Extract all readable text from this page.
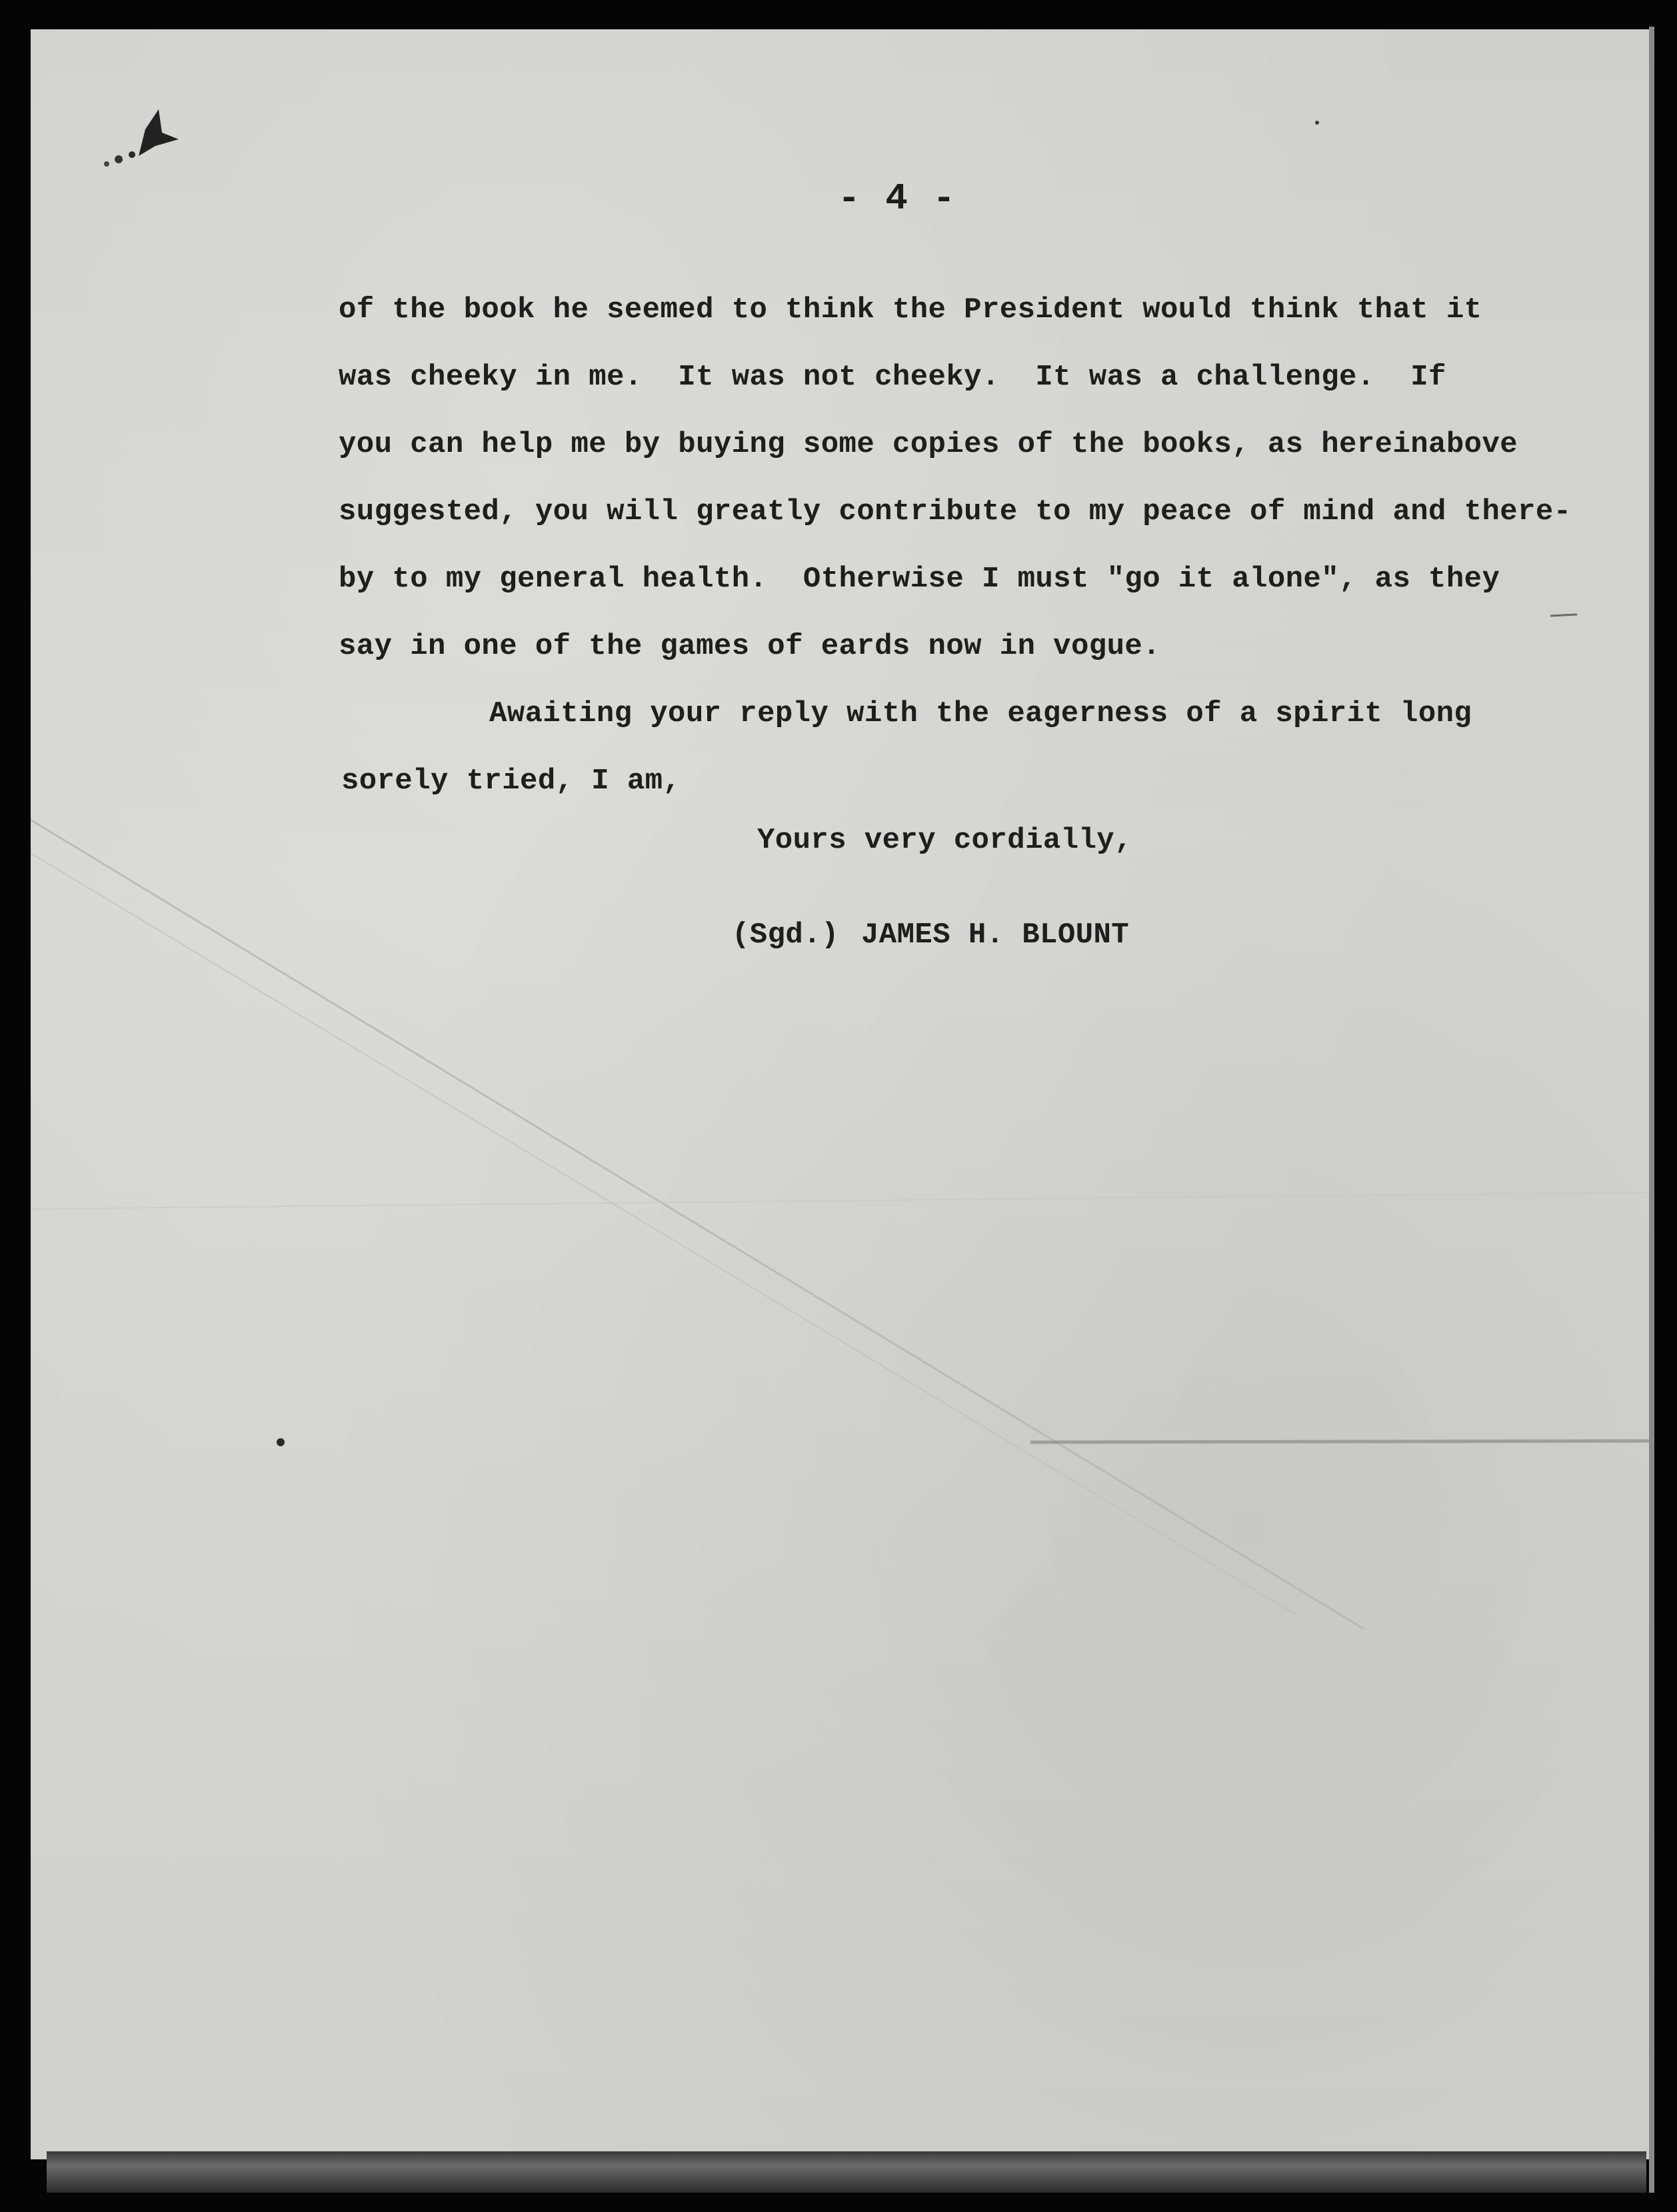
- 4 -
of the book he seemed to think the President would think that it
was cheeky in me.  It was not cheeky.  It was a challenge.  If
you can help me by buying some copies of the books, as hereinabove
suggested, you will greatly contribute to my peace of mind and there-
by to my general health.  Otherwise I must "go it alone", as they
say in one of the games of eards now in vogue.
Awaiting your reply with the eagerness of a spirit long
sorely tried, I am,
Yours very cordially,
(Sgd.) JAMES H. BLOUNT
